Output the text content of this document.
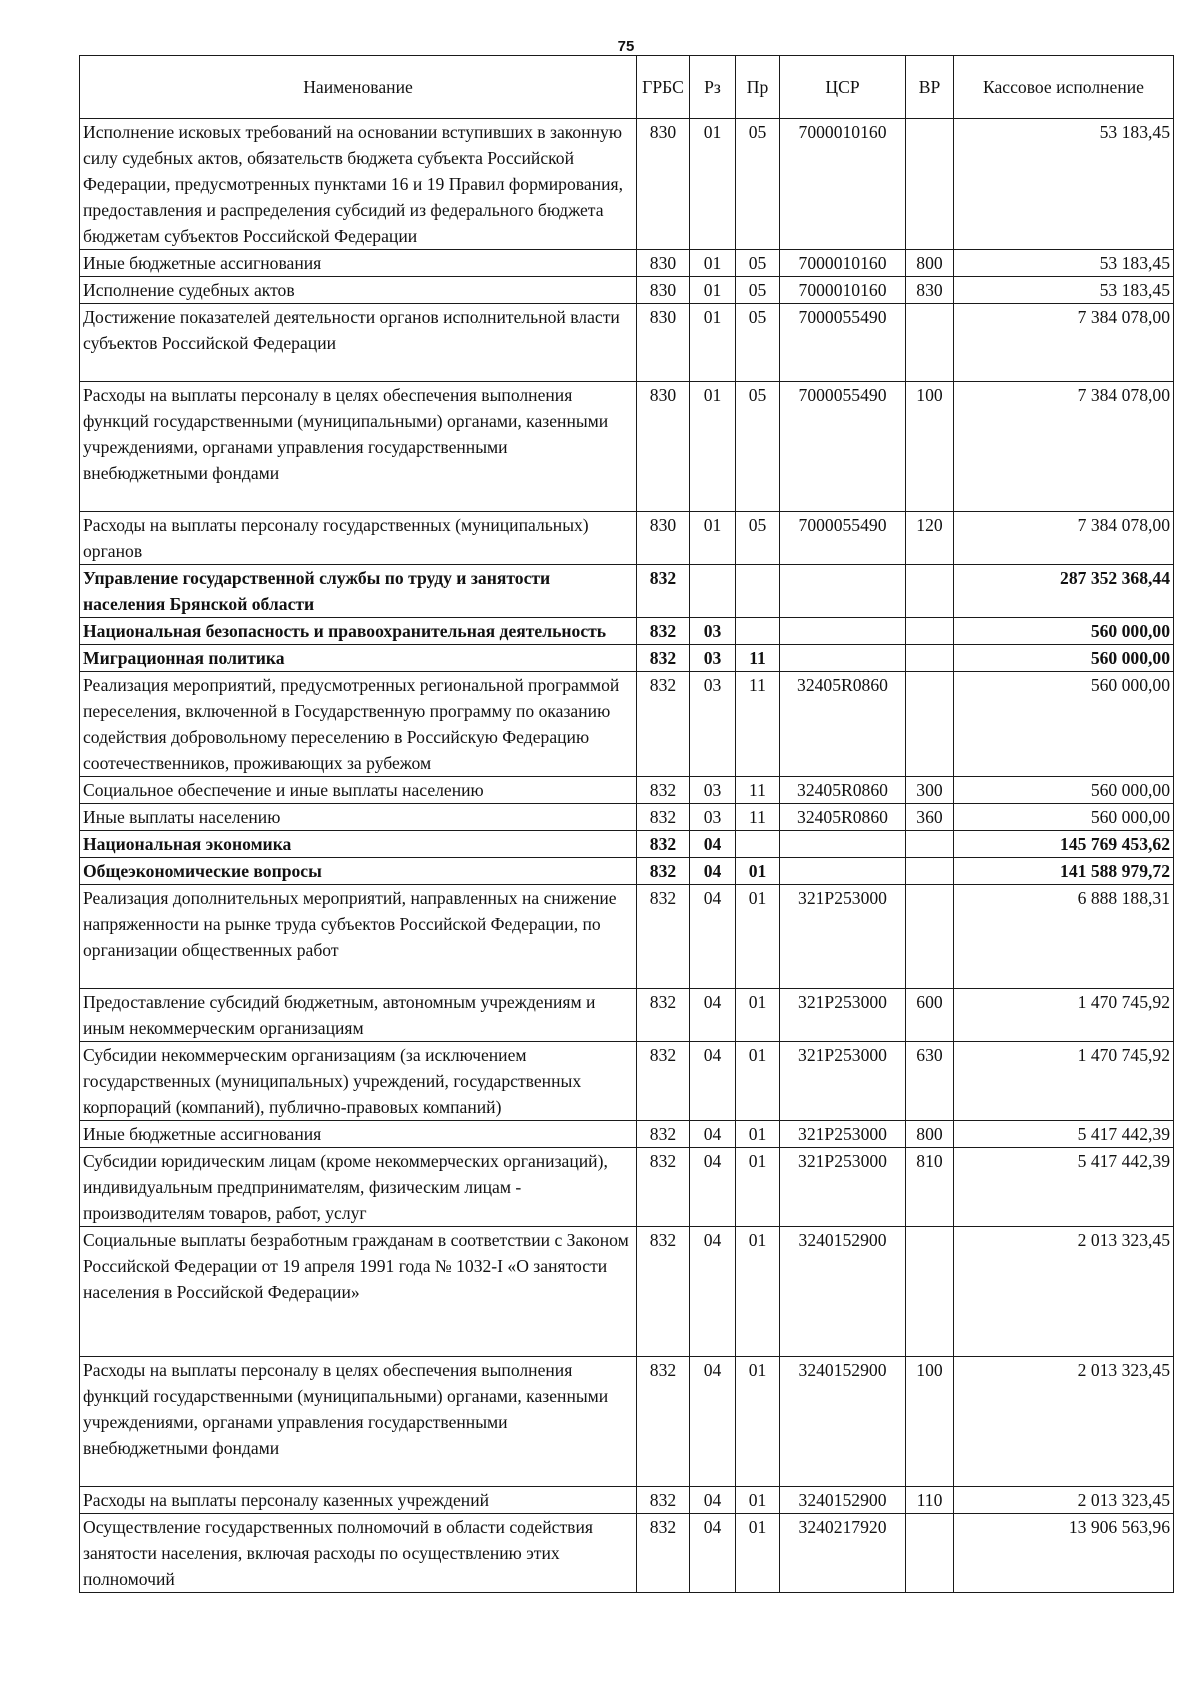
75
Наименование	ГРБС	Рз	Пр	ЦСР	ВР	Кассовое исполнение
Исполнение исковых требований на основании вступивших в законную силу судебных актов, обязательств бюджета субъекта Российской Федерации, предусмотренных пунктами 16 и 19 Правил формирования, предоставления и распределения субсидий из федерального бюджета бюджетам субъектов Российской Федерации	830	01	05	7000010160		53 183,45
Иные бюджетные ассигнования	830	01	05	7000010160	800	53 183,45
Исполнение судебных актов	830	01	05	7000010160	830	53 183,45
Достижение показателей деятельности органов исполнительной власти субъектов Российской Федерации	830	01	05	7000055490		7 384 078,00
Расходы на выплаты персоналу в целях обеспечения выполнения функций государственными (муниципальными) органами, казенными учреждениями, органами управления государственными внебюджетными фондами	830	01	05	7000055490	100	7 384 078,00
Расходы на выплаты персоналу государственных (муниципальных) органов	830	01	05	7000055490	120	7 384 078,00
Управление государственной службы по труду и занятости населения Брянской области	832					287 352 368,44
Национальная безопасность и правоохранительная деятельность	832	03				560 000,00
Миграционная политика	832	03	11			560 000,00
Реализация мероприятий, предусмотренных региональной программой переселения, включенной в Государственную программу по оказанию содействия добровольному переселению в Российскую Федерацию соотечественников, проживающих за рубежом	832	03	11	32405R0860		560 000,00
Социальное обеспечение и иные выплаты населению	832	03	11	32405R0860	300	560 000,00
Иные выплаты населению	832	03	11	32405R0860	360	560 000,00
Национальная экономика	832	04				145 769 453,62
Общеэкономические вопросы	832	04	01			141 588 979,72
Реализация дополнительных мероприятий, направленных на снижение напряженности на рынке труда субъектов Российской Федерации, по организации общественных работ	832	04	01	321P253000		6 888 188,31
Предоставление субсидий бюджетным, автономным учреждениям и иным некоммерческим организациям	832	04	01	321P253000	600	1 470 745,92
Субсидии некоммерческим организациям (за исключением государственных (муниципальных) учреждений, государственных корпораций (компаний), публично-правовых компаний)	832	04	01	321P253000	630	1 470 745,92
Иные бюджетные ассигнования	832	04	01	321P253000	800	5 417 442,39
Субсидии юридическим лицам (кроме некоммерческих организаций), индивидуальным предпринимателям, физическим лицам - производителям товаров, работ, услуг	832	04	01	321P253000	810	5 417 442,39
Социальные выплаты безработным гражданам в соответствии с Законом Российской Федерации от 19 апреля 1991 года № 1032-I «О занятости населения в Российской Федерации»	832	04	01	3240152900		2 013 323,45
Расходы на выплаты персоналу в целях обеспечения выполнения функций государственными (муниципальными) органами, казенными учреждениями, органами управления государственными внебюджетными фондами	832	04	01	3240152900	100	2 013 323,45
Расходы на выплаты персоналу казенных учреждений	832	04	01	3240152900	110	2 013 323,45
Осуществление государственных полномочий в области содействия занятости населения, включая расходы по осуществлению этих полномочий	832	04	01	3240217920		13 906 563,96
